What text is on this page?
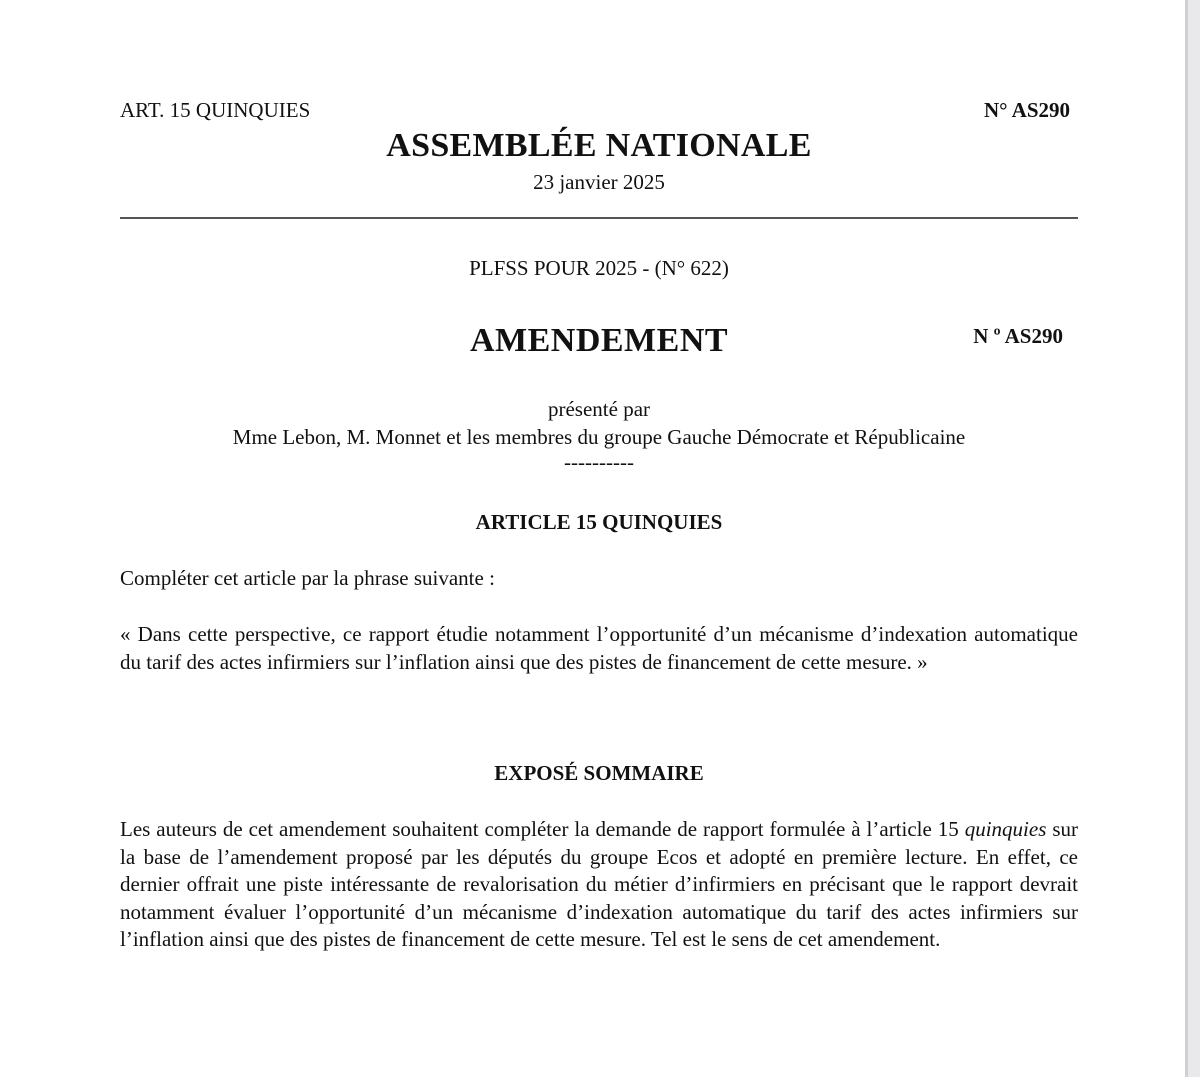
ART. 15 QUINQUIES	N° AS290
ASSEMBLÉE NATIONALE
23 janvier 2025
PLFSS POUR 2025 - (N° 622)
AMENDEMENT	N º AS290
présenté par
Mme Lebon, M. Monnet et les membres du groupe Gauche Démocrate et Républicaine
----------
ARTICLE 15 QUINQUIES
Compléter cet article par la phrase suivante :
« Dans cette perspective, ce rapport étudie notamment l’opportunité d’un mécanisme d’indexation automatique du tarif des actes infirmiers sur l’inflation ainsi que des pistes de financement de cette mesure. »
EXPOSÉ SOMMAIRE
Les auteurs de cet amendement souhaitent compléter la demande de rapport formulée à l’article 15 quinquies sur la base de l’amendement proposé par les députés du groupe Ecos et adopté en première lecture. En effet, ce dernier offrait une piste intéressante de revalorisation du métier d’infirmiers en précisant que le rapport devrait notamment évaluer l’opportunité d’un mécanisme d’indexation automatique du tarif des actes infirmiers sur l’inflation ainsi que des pistes de financement de cette mesure. Tel est le sens de cet amendement.
